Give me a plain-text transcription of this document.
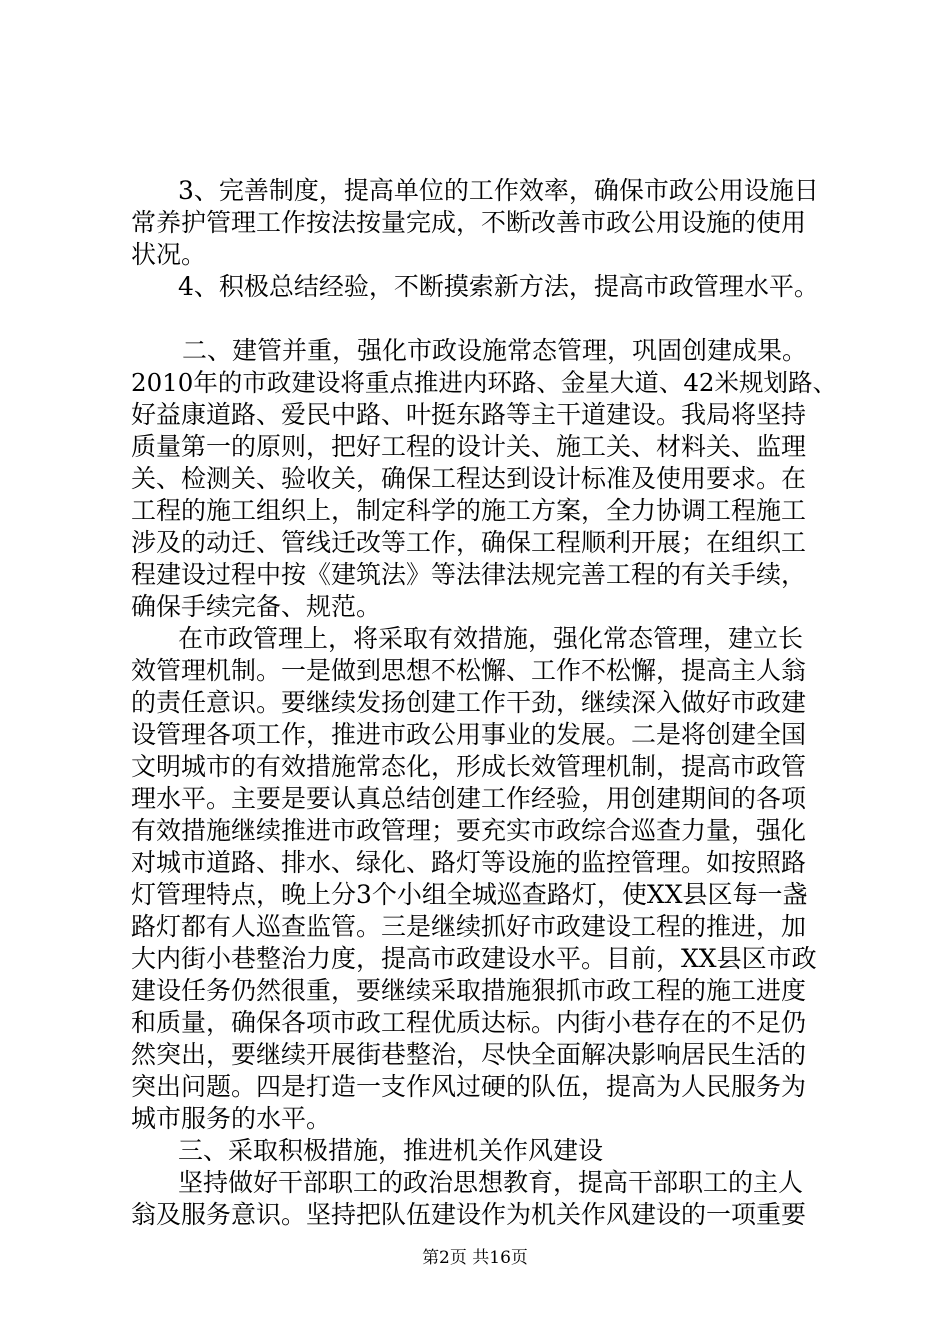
3、完善制度，提高单位的工作效率，确保市政公用设施日

常养护管理工作按法按量完成，不断改善市政公用设施的使用

状况。

4、积极总结经验，不断摸索新方法，提高市政管理水平。

二、建管并重，强化市政设施常态管理，巩固创建成果。

2010年的市政建设将重点推进内环路、金星大道、42米规划路、

好益康道路、爱民中路、叶挺东路等主干道建设。我局将坚持

质量第一的原则，把好工程的设计关、施工关、材料关、监理

关、检测关、验收关，确保工程达到设计标准及使用要求。在

工程的施工组织上，制定科学的施工方案，全力协调工程施工

涉及的动迁、管线迁改等工作，确保工程顺利开展；在组织工

程建设过程中按《建筑法》等法律法规完善工程的有关手续，

确保手续完备、规范。

在市政管理上，将采取有效措施，强化常态管理，建立长

效管理机制。一是做到思想不松懈、工作不松懈，提高主人翁

的责任意识。要继续发扬创建工作干劲，继续深入做好市政建

设管理各项工作，推进市政公用事业的发展。二是将创建全国

文明城市的有效措施常态化，形成长效管理机制，提高市政管

理水平。主要是要认真总结创建工作经验，用创建期间的各项

有效措施继续推进市政管理；要充实市政综合巡查力量，强化

对城市道路、排水、绿化、路灯等设施的监控管理。如按照路

灯管理特点，晚上分3个小组全城巡查路灯，使XX县区每一盏

路灯都有人巡查监管。三是继续抓好市政建设工程的推进，加

大内街小巷整治力度，提高市政建设水平。目前，XX县区市政

建设任务仍然很重，要继续采取措施狠抓市政工程的施工进度

和质量，确保各项市政工程优质达标。内街小巷存在的不足仍

然突出，要继续开展街巷整治，尽快全面解决影响居民生活的

突出问题。四是打造一支作风过硬的队伍，提高为人民服务为

城市服务的水平。

三、采取积极措施，推进机关作风建设

坚持做好干部职工的政治思想教育，提高干部职工的主人

翁及服务意识。坚持把队伍建设作为机关作风建设的一项重要

第2页 共16页
